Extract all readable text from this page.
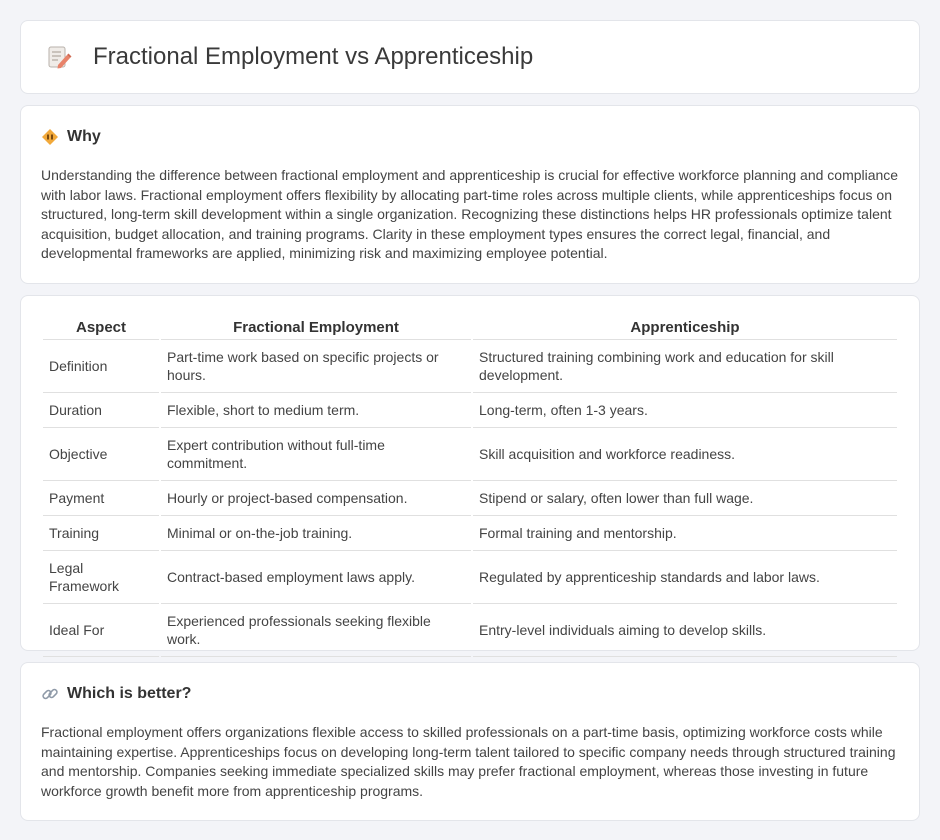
Fractional Employment vs Apprenticeship
Why

Understanding the difference between fractional employment and apprenticeship is crucial for effective workforce planning and compliance with labor laws. Fractional employment offers flexibility by allocating part-time roles across multiple clients, while apprenticeships focus on structured, long-term skill development within a single organization. Recognizing these distinctions helps HR professionals optimize talent acquisition, budget allocation, and training programs. Clarity in these employment types ensures the correct legal, financial, and developmental frameworks are applied, minimizing risk and maximizing employee potential.

Aspect	Fractional Employment	Apprenticeship
Definition	Part-time work based on specific projects or hours.	Structured training combining work and education for skill development.
Duration	Flexible, short to medium term.	Long-term, often 1-3 years.
Objective	Expert contribution without full-time commitment.	Skill acquisition and workforce readiness.
Payment	Hourly or project-based compensation.	Stipend or salary, often lower than full wage.
Training	Minimal or on-the-job training.	Formal training and mentorship.
Legal Framework	Contract-based employment laws apply.	Regulated by apprenticeship standards and labor laws.
Ideal For	Experienced professionals seeking flexible work.	Entry-level individuals aiming to develop skills.
Which is better?

Fractional employment offers organizations flexible access to skilled professionals on a part-time basis, optimizing workforce costs while maintaining expertise. Apprenticeships focus on developing long-term talent tailored to specific company needs through structured training and mentorship. Companies seeking immediate specialized skills may prefer fractional employment, whereas those investing in future workforce growth benefit more from apprenticeship programs.
